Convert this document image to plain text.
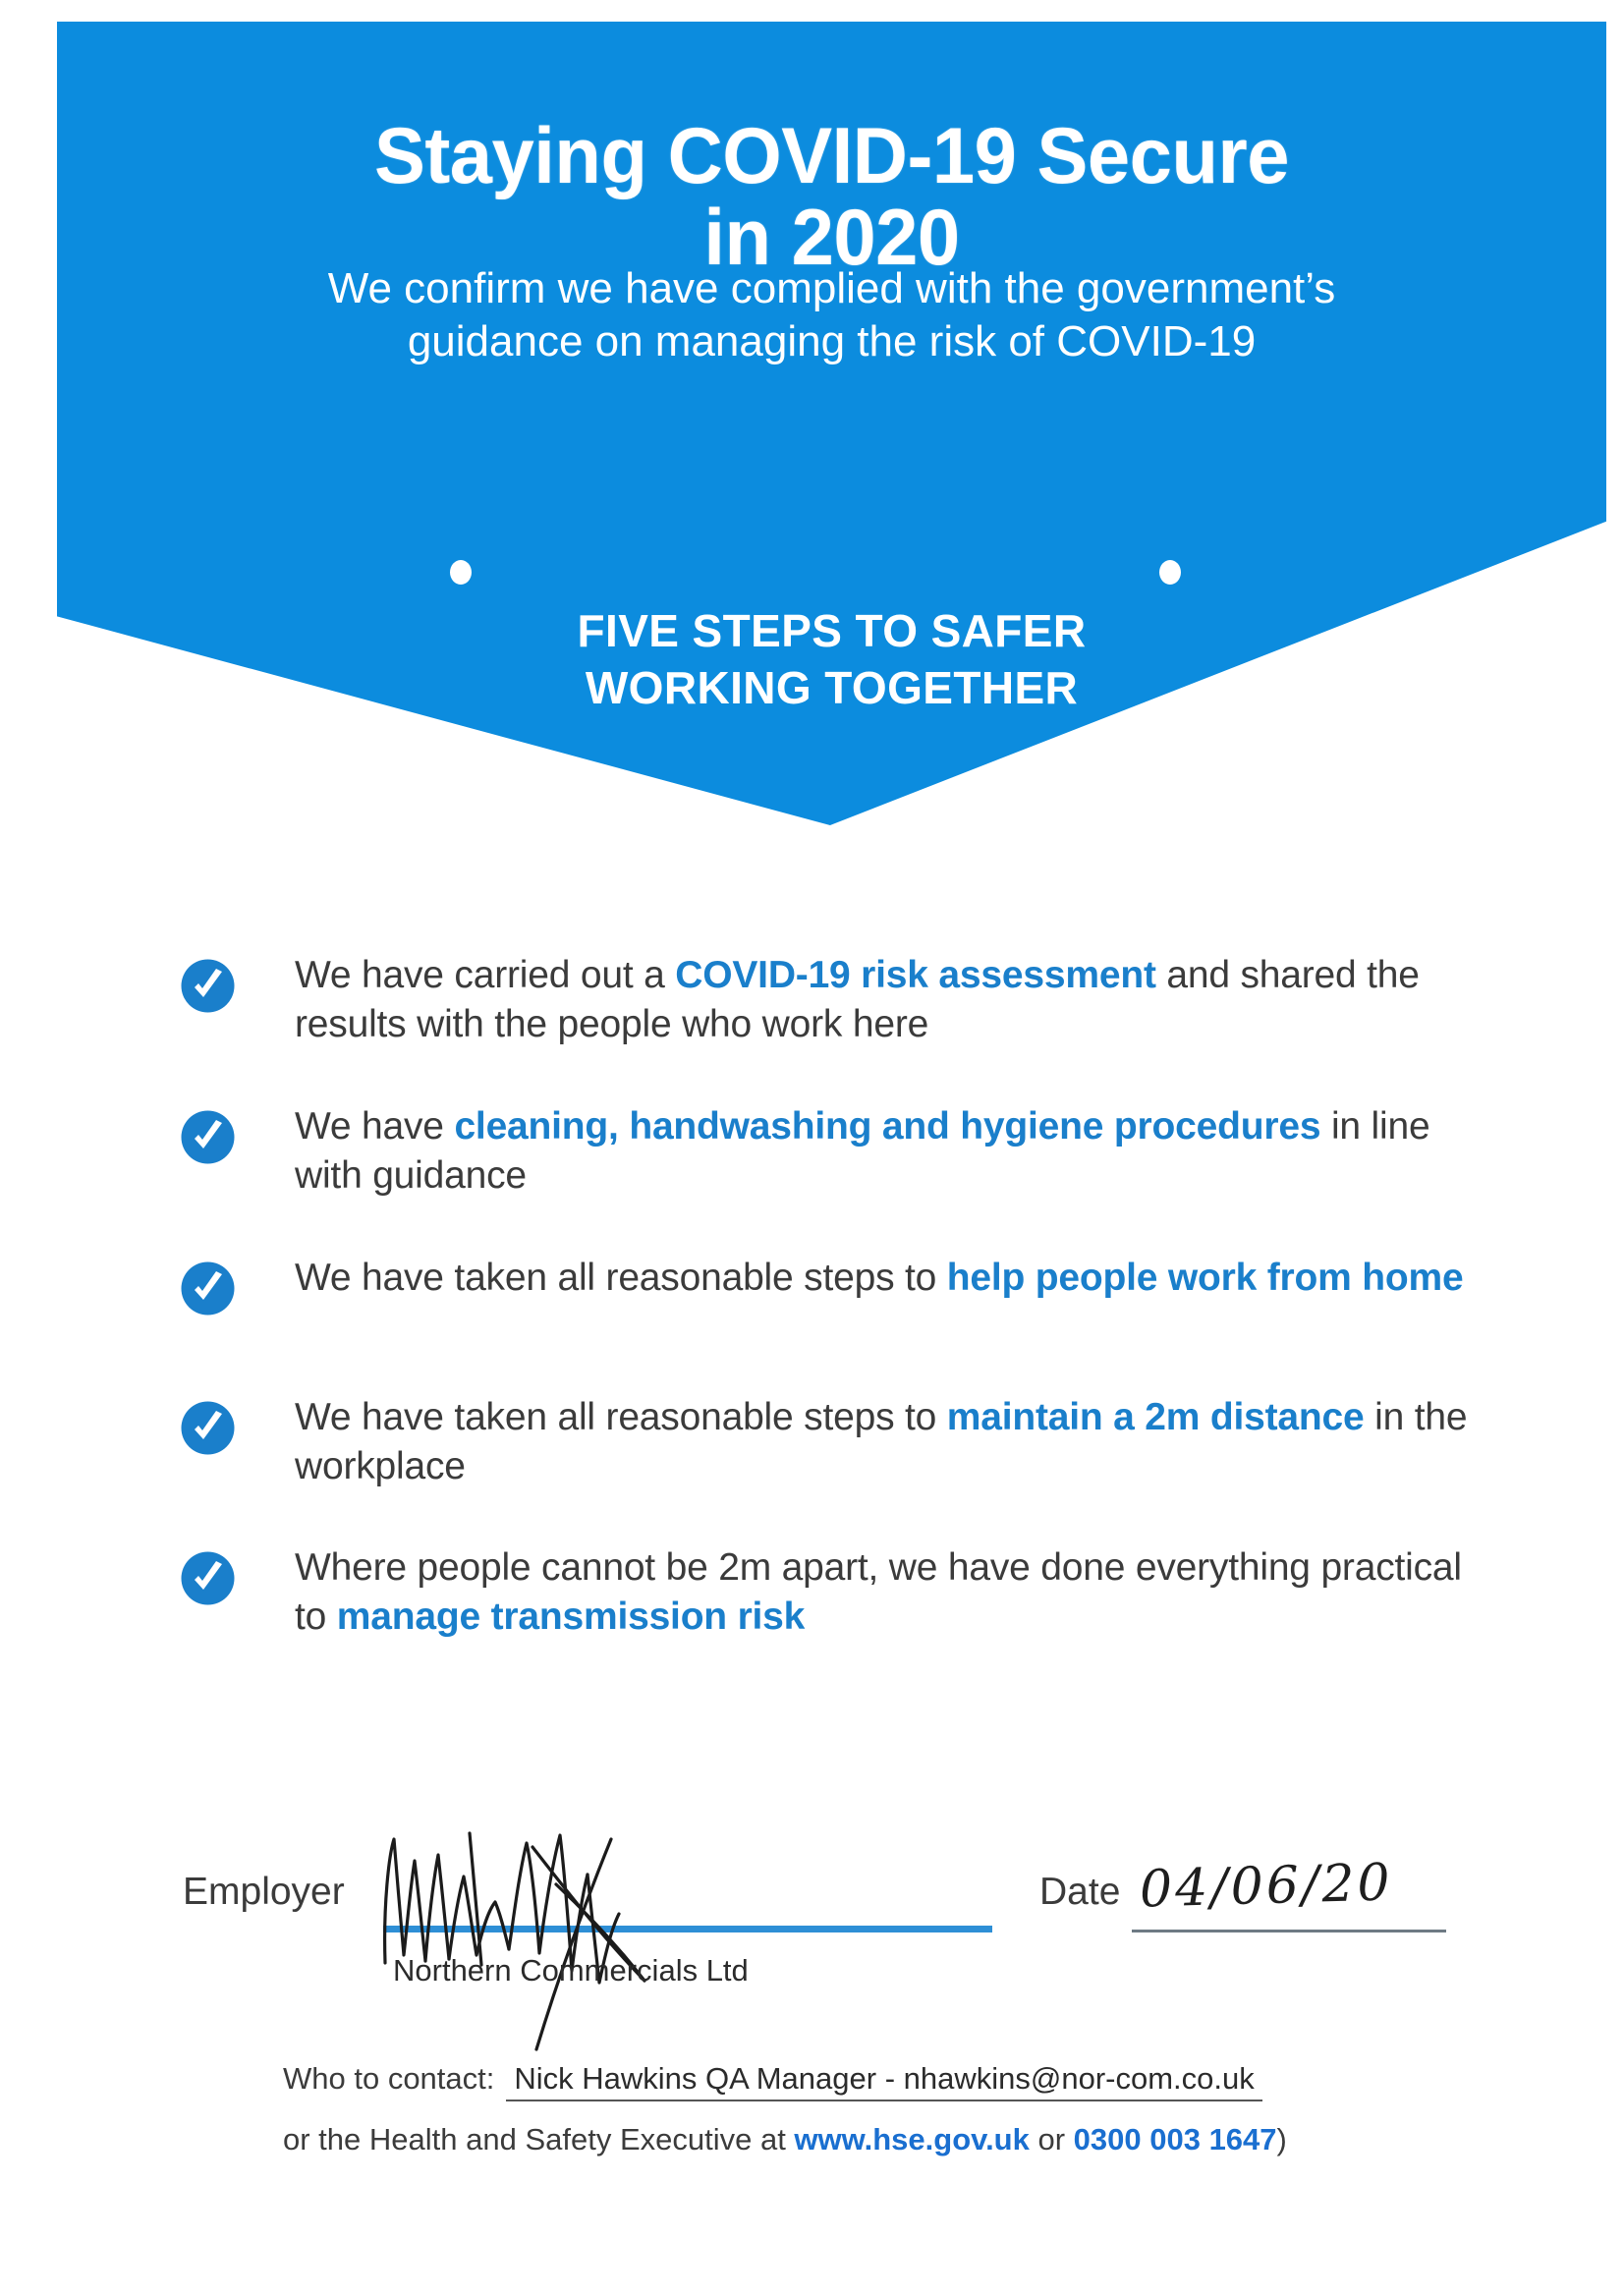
Staying COVID-19 Secure
in 2020
We confirm we have complied with the government’s
guidance on managing the risk of COVID-19
FIVE STEPS TO SAFER
WORKING TOGETHER
We have carried out a COVID-19 risk assessment and shared the results with the people who work here
We have cleaning, handwashing and hygiene procedures in line with guidance
We have taken all reasonable steps to help people work from home
We have taken all reasonable steps to maintain a 2m distance in the workplace
Where people cannot be 2m apart, we have done everything practical to manage transmission risk
Employer
Northern Commercials Ltd
Date 04/06/20
Who to contact: Nick Hawkins QA Manager - nhawkins@nor-com.co.uk
or the Health and Safety Executive at www.hse.gov.uk or 0300 003 1647)
